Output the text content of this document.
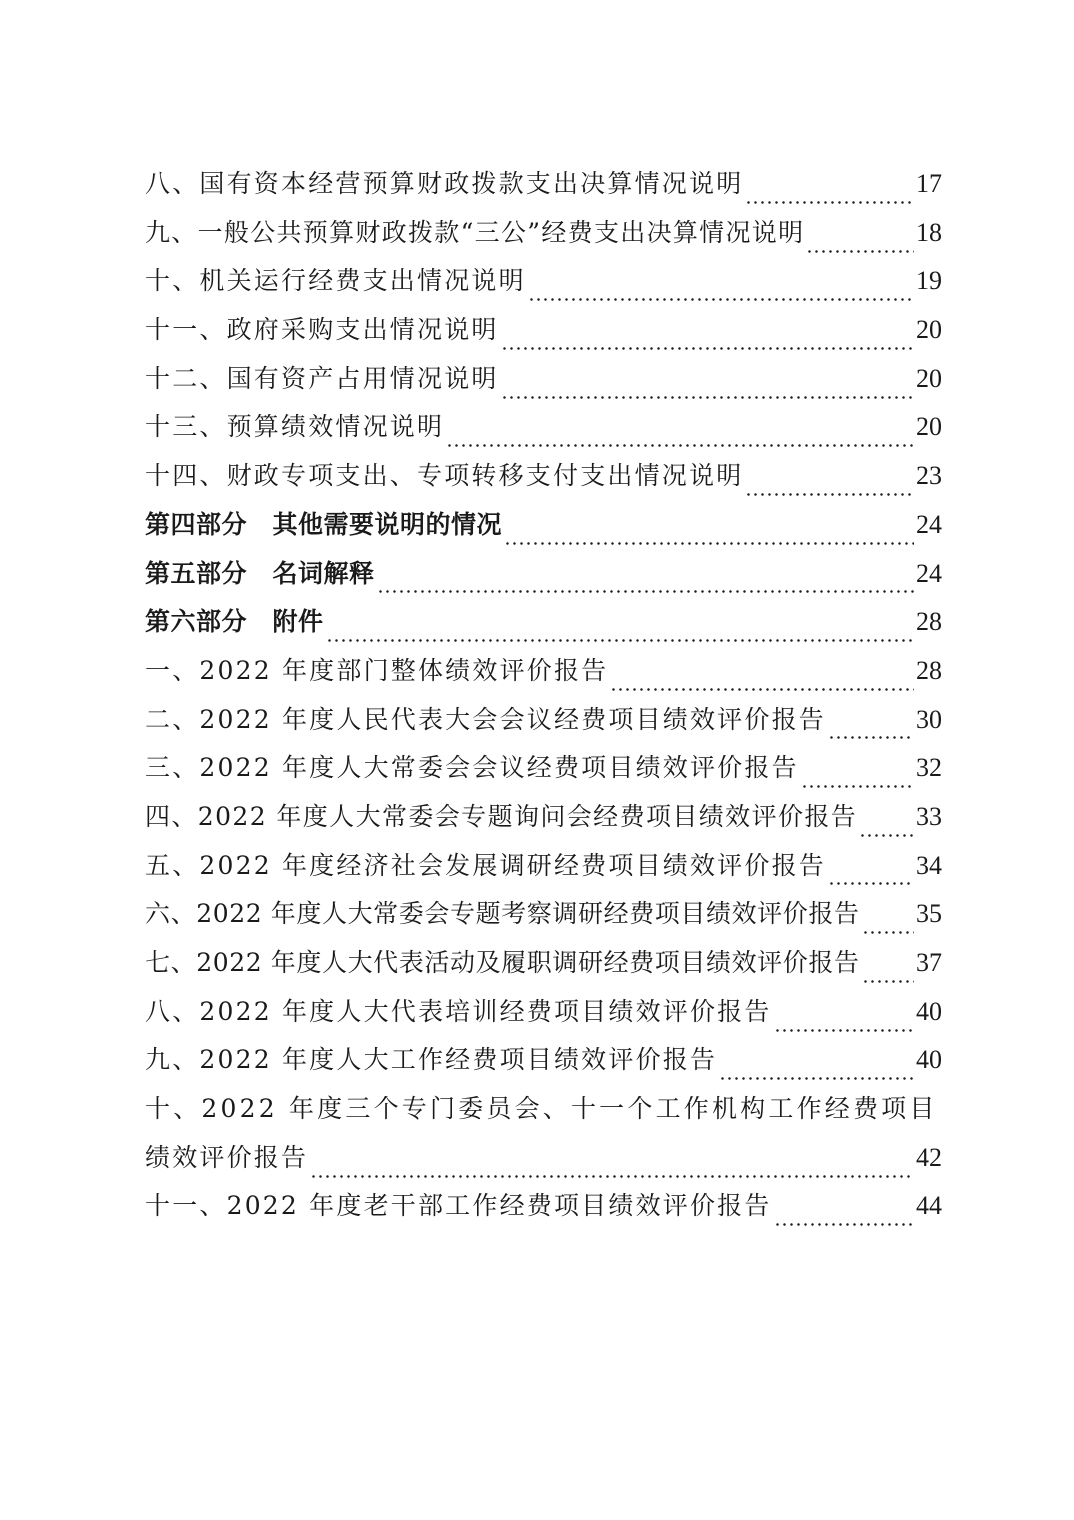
八、国有资本经营预算财政拨款支出决算情况说明	17
九、一般公共预算财政拨款“三公”经费支出决算情况说明	18
十、机关运行经费支出情况说明	19
十一、政府采购支出情况说明	20
十二、国有资产占用情况说明	20
十三、预算绩效情况说明	20
十四、财政专项支出、专项转移支付支出情况说明	23
第四部分　其他需要说明的情况	24
第五部分　名词解释	24
第六部分　附件	28
一、2022 年度部门整体绩效评价报告	28
二、2022 年度人民代表大会会议经费项目绩效评价报告	30
三、2022 年度人大常委会会议经费项目绩效评价报告	32
四、2022 年度人大常委会专题询问会经费项目绩效评价报告 33
五、2022 年度经济社会发展调研经费项目绩效评价报告	34
六、2022 年度人大常委会专题考察调研经费项目绩效评价报告 35
七、2022 年度人大代表活动及履职调研经费项目绩效评价报告 37
八、2022 年度人大代表培训经费项目绩效评价报告	40
九、2022 年度人大工作经费项目绩效评价报告	40
十、2022 年度三个专门委员会、十一个工作机构工作经费项目
绩效评价报告	42
十一、2022 年度老干部工作经费项目绩效评价报告	44
